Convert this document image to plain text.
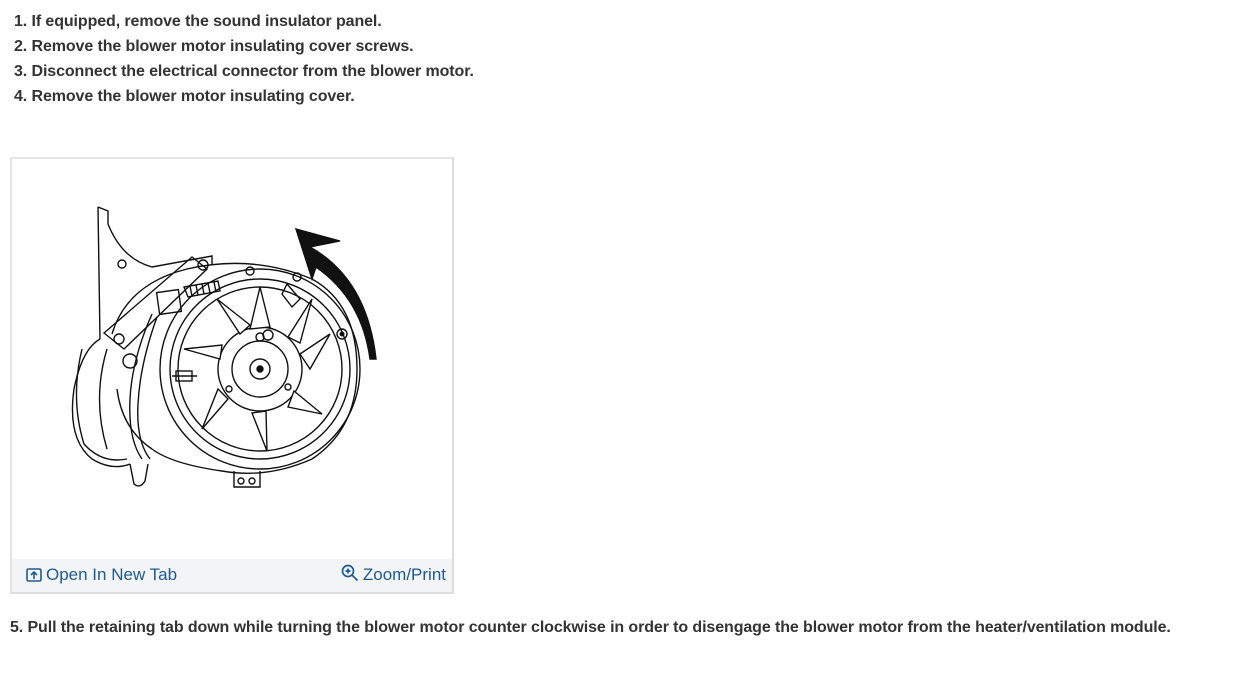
1. If equipped, remove the sound insulator panel.
2. Remove the blower motor insulating cover screws.
3. Disconnect the electrical connector from the blower motor.
4. Remove the blower motor insulating cover.
Open In New Tab	Zoom/Print
5. Pull the retaining tab down while turning the blower motor counter clockwise in order to disengage the blower motor from the heater/ventilation module.
